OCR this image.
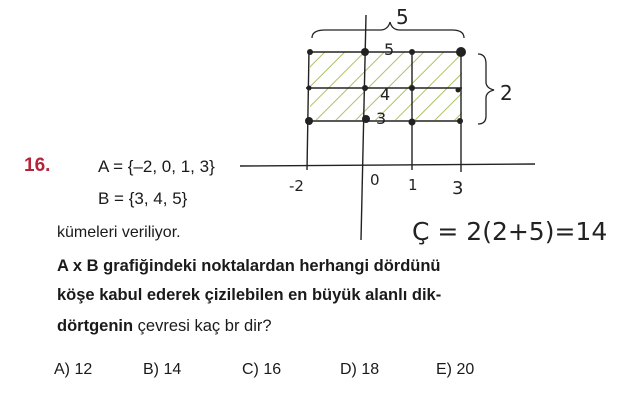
16.	A = {–2, 0, 1, 3}
B = {3, 4, 5}
kümeleri veriliyor.
A x B grafiğindeki noktalardan herhangi dördünü
köşe kabul ederek çizilebilen en büyük alanlı dik-
dörtgenin çevresi kaç br dir?
A) 12	B) 14	C) 16	D) 18	E) 20
-2	0 1 3
5
4
3
5
2
Ç = 2(2+5)=14
